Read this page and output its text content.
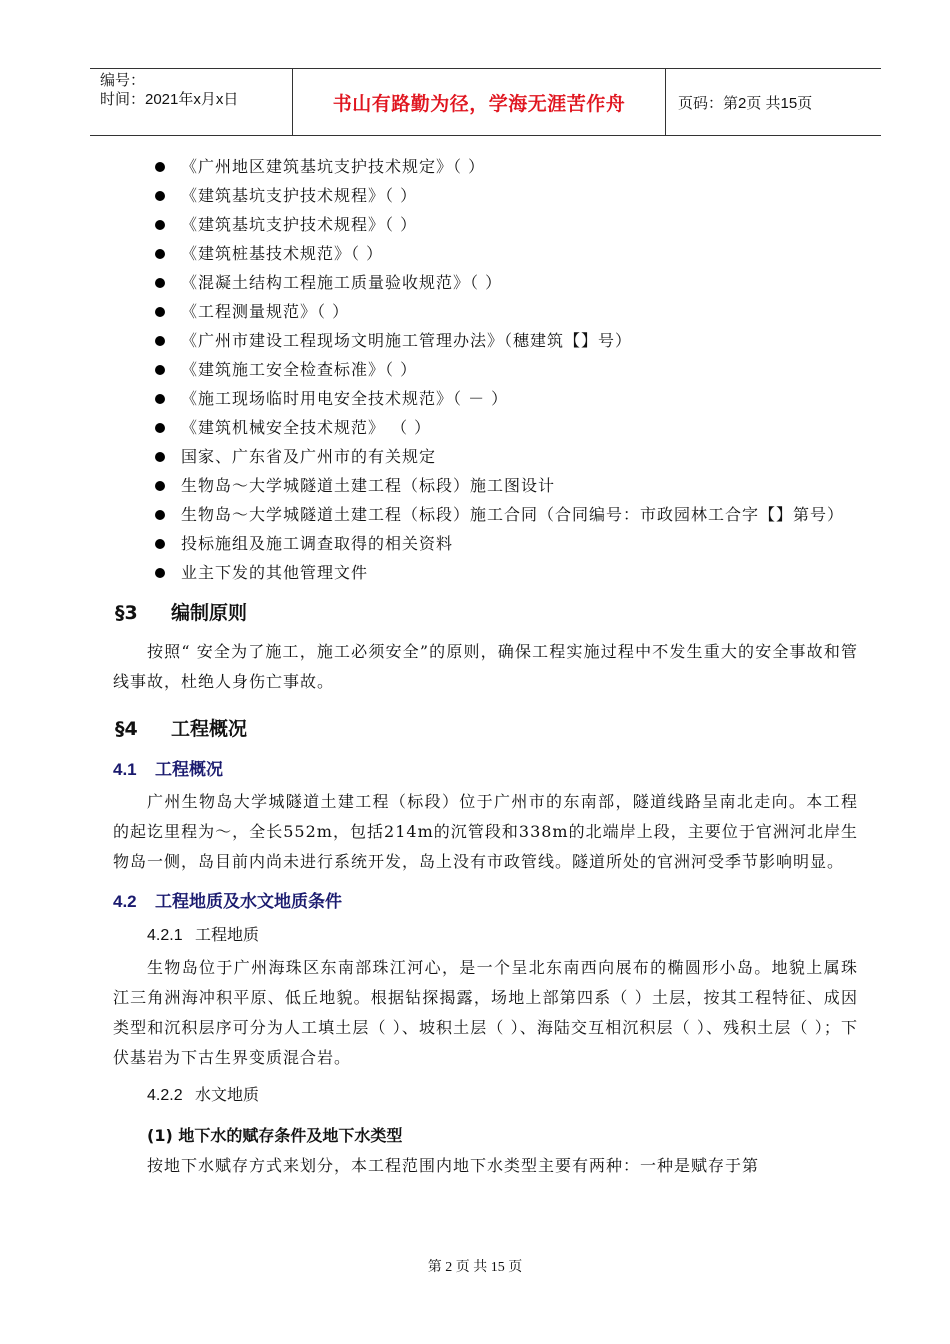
编号：
时间：2021年x月x日	书山有路勤为径，学海无涯苦作舟	页码：第2页 共15页
《广州地区建筑基坑支护技术规定》（ ）
《建筑基坑支护技术规程》（ ）
《建筑基坑支护技术规程》（ ）
《建筑桩基技术规范》（ ）
《混凝土结构工程施工质量验收规范》（ ）
《工程测量规范》（ ）
《广州市建设工程现场文明施工管理办法》（穗建筑【】号）
《建筑施工安全检查标准》（ ）
《施工现场临时用电安全技术规范》（ － ）
《建筑机械安全技术规范》 （ ）
国家、广东省及广州市的有关规定
生物岛～大学城隧道土建工程（标段）施工图设计
生物岛～大学城隧道土建工程（标段）施工合同（合同编号：市政园林工合字【】第号）
投标施组及施工调查取得的相关资料
业主下发的其他管理文件
§3 编制原则
按照“ 安全为了施工，施工必须安全”的原则，确保工程实施过程中不发生重大的安全事故和管线事故，杜绝人身伤亡事故。
§4 工程概况
4.1 工程概况
广州生物岛大学城隧道土建工程（标段）位于广州市的东南部，隧道线路呈南北走向。本工程的起讫里程为～，全长552m，包括214m的沉管段和338m的北端岸上段，主要位于官洲河北岸生物岛一侧，岛目前内尚未进行系统开发，岛上没有市政管线。隧道所处的官洲河受季节影响明显。
4.2 工程地质及水文地质条件
4.2.1 工程地质
生物岛位于广州海珠区东南部珠江河心，是一个呈北东南西向展布的椭圆形小岛。地貌上属珠江三角洲海冲积平原、低丘地貌。根据钻探揭露，场地上部第四系（ ）土层，按其工程特征、成因类型和沉积层序可分为人工填土层（ ）、坡积土层（ ）、海陆交互相沉积层（ ）、残积土层（ ）；下伏基岩为下古生界变质混合岩。
4.2.2 水文地质
(1) 地下水的赋存条件及地下水类型
按地下水赋存方式来划分，本工程范围内地下水类型主要有两种：一种是赋存于第
第 2 页 共 15 页
